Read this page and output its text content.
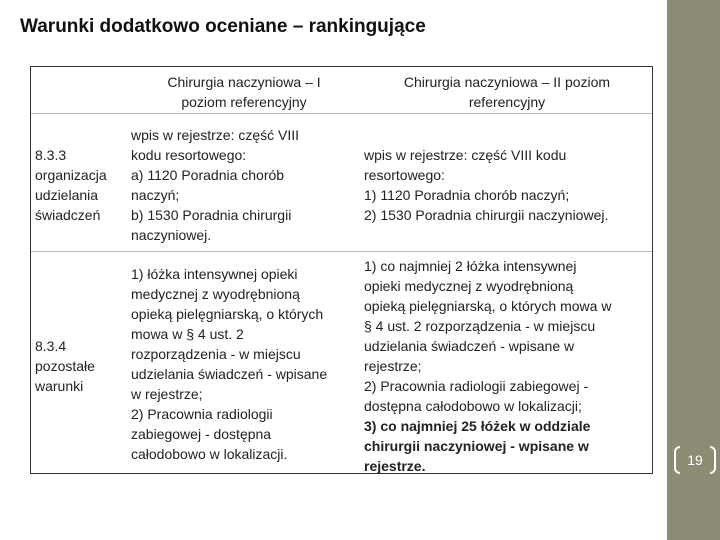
Warunki dodatkowo oceniane – rankingujące
Chirurgia naczyniowa – I
poziom referencyjny
Chirurgia naczyniowa – II poziom
referencyjny
8.3.3
organizacja
udzielania
świadczeń
wpis w rejestrze: część VIII
kodu resortowego:
a) 1120 Poradnia chorób
naczyń;
b) 1530 Poradnia chirurgii
naczyniowej.
wpis w rejestrze: część VIII kodu
resortowego:
1) 1120 Poradnia chorób naczyń;
2) 1530 Poradnia chirurgii naczyniowej.
8.3.4
pozostałe
warunki
1) łóżka intensywnej opieki
medycznej z wyodrębnioną
opieką pielęgniarską, o których
mowa w § 4 ust. 2
rozporządzenia - w miejscu
udzielania świadczeń - wpisane
w rejestrze;
2) Pracownia radiologii
zabiegowej - dostępna
całodobowo w lokalizacji.
1) co najmniej 2 łóżka intensywnej
opieki medycznej z wyodrębnioną
opieką pielęgniarską, o których mowa w
§ 4 ust. 2 rozporządzenia - w miejscu
udzielania świadczeń - wpisane w
rejestrze;
2) Pracownia radiologii zabiegowej -
dostępna całodobowo w lokalizacji;
3) co najmniej 25 łóżek w oddziale
chirurgii naczyniowej - wpisane w
rejestrze.	19
